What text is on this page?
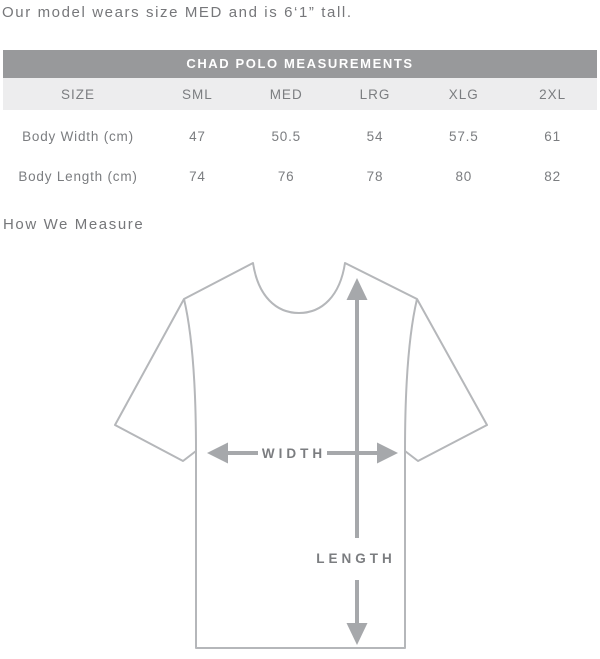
Our model wears size MED and is 6‘1” tall.
CHAD POLO MEASUREMENTS
SIZE	SML	MED	LRG	XLG	2XL
Body Width (cm)	47	50.5	54	57.5	61
Body Length (cm)	74	76	78	80	82
How We Measure
WIDTH
LENGTH
